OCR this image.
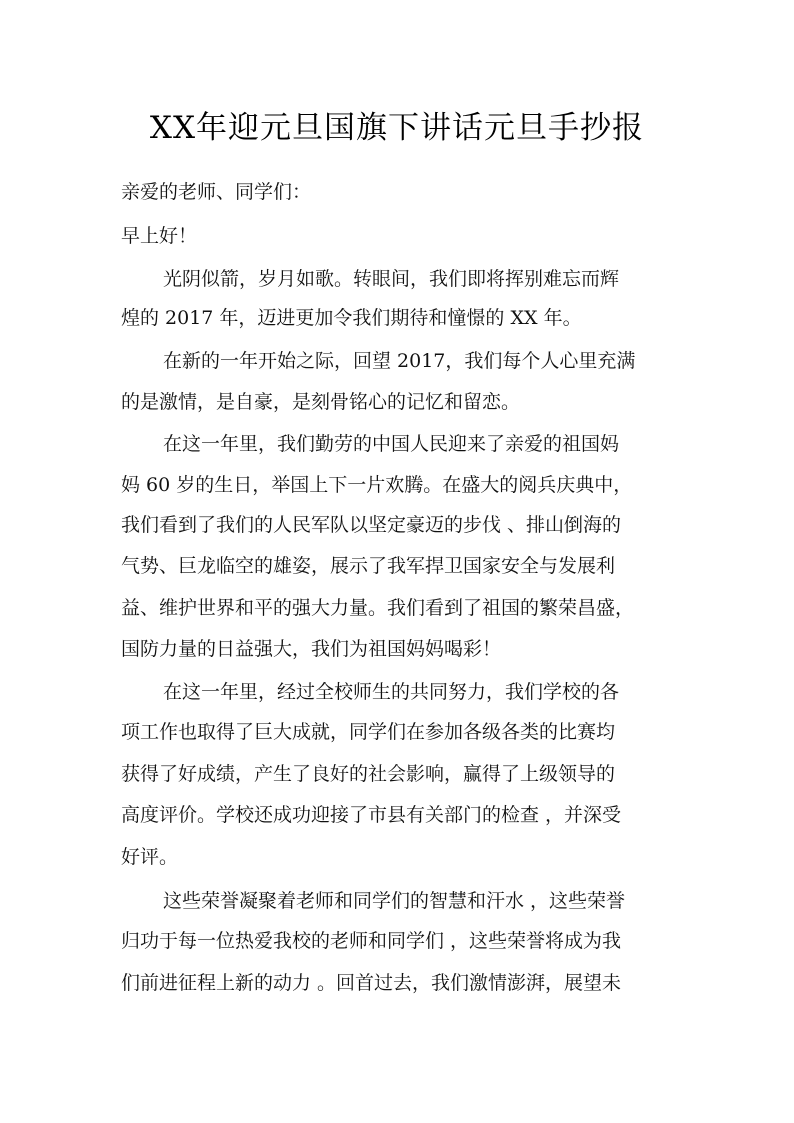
XX年迎元旦国旗下讲话元旦手抄报
亲爱的老师、同学们：
早上好！
光阴似箭，岁月如歌。转眼间，我们即将挥别难忘而辉
煌的 2017 年，迈进更加令我们期待和憧憬的 XX 年。
在新的一年开始之际，回望 2017，我们每个人心里充满
的是激情，是自豪，是刻骨铭心的记忆和留恋。
在这一年里，我们勤劳的中国人民迎来了亲爱的祖国妈
妈 60 岁的生日，举国上下一片欢腾。在盛大的阅兵庆典中，
我们看到了我们的人民军队以坚定豪迈的步伐 、排山倒海的
气势、巨龙临空的雄姿，展示了我军捍卫国家安全与发展利
益、维护世界和平的强大力量。我们看到了祖国的繁荣昌盛，
国防力量的日益强大，我们为祖国妈妈喝彩！
在这一年里，经过全校师生的共同努力，我们学校的各
项工作也取得了巨大成就，同学们在参加各级各类的比赛均
获得了好成绩，产生了良好的社会影响，赢得了上级领导的
高度评价。学校还成功迎接了市县有关部门的检查 ，并深受
好评。
这些荣誉凝聚着老师和同学们的智慧和汗水 ，这些荣誉
归功于每一位热爱我校的老师和同学们 ，这些荣誉将成为我
们前进征程上新的动力 。回首过去，我们激情澎湃，展望未
